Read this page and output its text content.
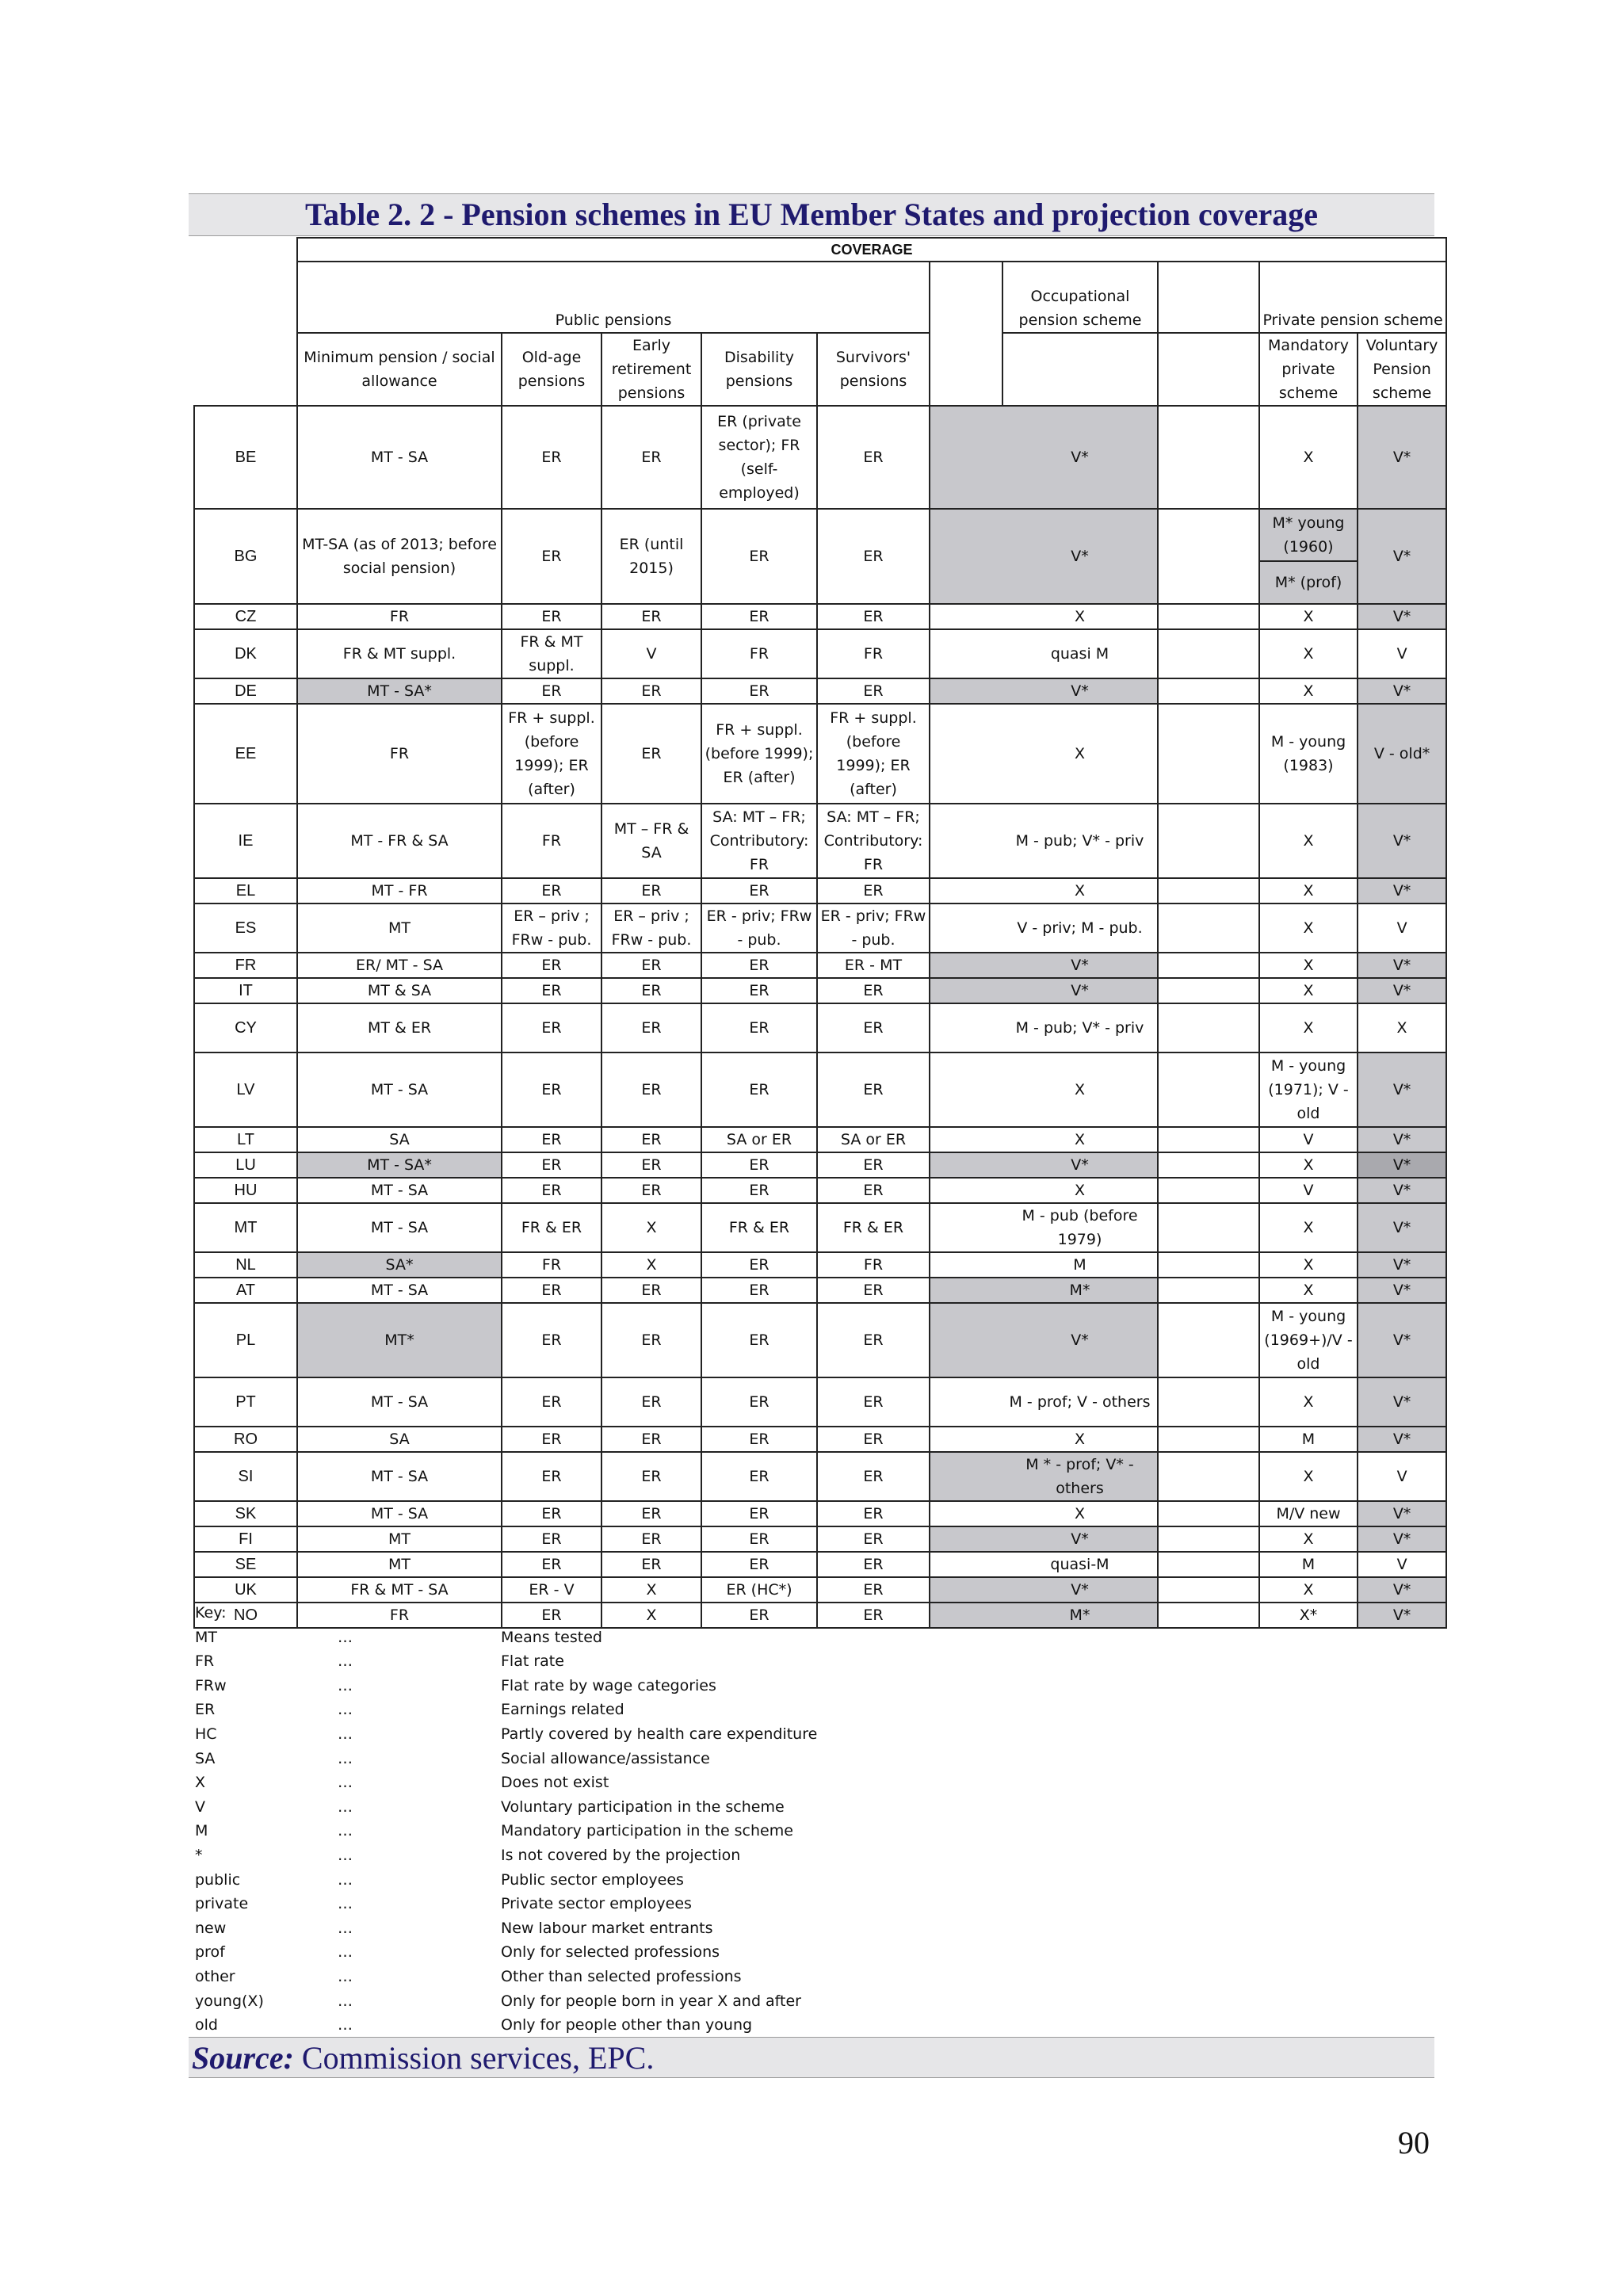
Table 2. 2 - Pension schemes in EU Member States and projection coverage
	COVERAGE									
	Public pensions						Occupational pension scheme		Private pension scheme	
	Minimum pension / social allowance	Old-age pensions	Early retirement pensions	Disability pensions	Survivors' pensions				Mandatory private scheme	Voluntary Pension scheme
BE	MT - SA	ER	ER	ER (private sector); FR (self-employed)	ER		V*		X	V*
BG	MT-SA (as of 2013; before social pension)	ER	ER (until 2015)	ER	ER		V*		M* young (1960)	V*
									M* (prof)	
CZ	FR	ER	ER	ER	ER		X		X	V*
DK	FR & MT suppl.	FR & MT suppl.	V	FR	FR		quasi M		X	V
DE	MT - SA*	ER	ER	ER	ER		V*		X	V*
EE	FR	FR + suppl. (before 1999); ER (after)	ER	FR + suppl. (before 1999); ER (after)	FR + suppl. (before 1999); ER (after)		X		M - young (1983)	V - old*
IE	MT - FR & SA	FR	MT – FR & SA	SA: MT – FR; Contributory: FR	SA: MT – FR; Contributory: FR		M - pub; V* - priv		X	V*
EL	MT - FR	ER	ER	ER	ER		X		X	V*
ES	MT	ER – priv ; FRw - pub.	ER – priv ; FRw - pub.	ER - priv; FRw - pub.	ER - priv; FRw - pub.		V - priv; M - pub.		X	V
FR	ER/ MT - SA	ER	ER	ER	ER - MT		V*		X	V*
IT	MT & SA	ER	ER	ER	ER		V*		X	V*
CY	MT & ER	ER	ER	ER	ER		M - pub; V* - priv		X	X
LV	MT - SA	ER	ER	ER	ER		X		M - young (1971); V - old	V*
LT	SA	ER	ER	SA or ER	SA or ER		X		V	V*
LU	MT - SA*	ER	ER	ER	ER		V*		X	V*
HU	MT - SA	ER	ER	ER	ER		X		V	V*
MT	MT - SA	FR & ER	X	FR & ER	FR & ER		M - pub (before 1979)		X	V*
NL	SA*	FR	X	ER	FR		M		X	V*
AT	MT - SA	ER	ER	ER	ER		M*		X	V*
PL	MT*	ER	ER	ER	ER		V*		M - young (1969+)/V - old	V*
PT	MT - SA	ER	ER	ER	ER		M - prof; V - others		X	V*
RO	SA	ER	ER	ER	ER		X		M	V*
SI	MT - SA	ER	ER	ER	ER		M * - prof; V* - others		X	V
SK	MT - SA	ER	ER	ER	ER		X		M/V new	V*
FI	MT	ER	ER	ER	ER		V*		X	V*
SE	MT	ER	ER	ER	ER		quasi-M		M	V
UK	FR & MT - SA	ER - V	X	ER (HC*)	ER		V*		X	V*
NO	FR	ER	X	ER	ER		M*		X*	V*
Key:
MT	…	Means tested
FR	…	Flat rate
FRw	…	Flat rate by wage categories
ER	…	Earnings related
HC	…	Partly covered by health care expenditure
SA	…	Social allowance/assistance
X	…	Does not exist
V	…	Voluntary participation in the scheme
M	…	Mandatory participation in the scheme
*	…	Is not covered by the projection
public	…	Public sector employees
private	…	Private sector employees
new	…	New labour market entrants
prof	…	Only for selected professions
other	…	Other than selected professions
young(X)	…	Only for people born in year X and after
old	…	Only for people other than young
Source: Commission services, EPC.
90
